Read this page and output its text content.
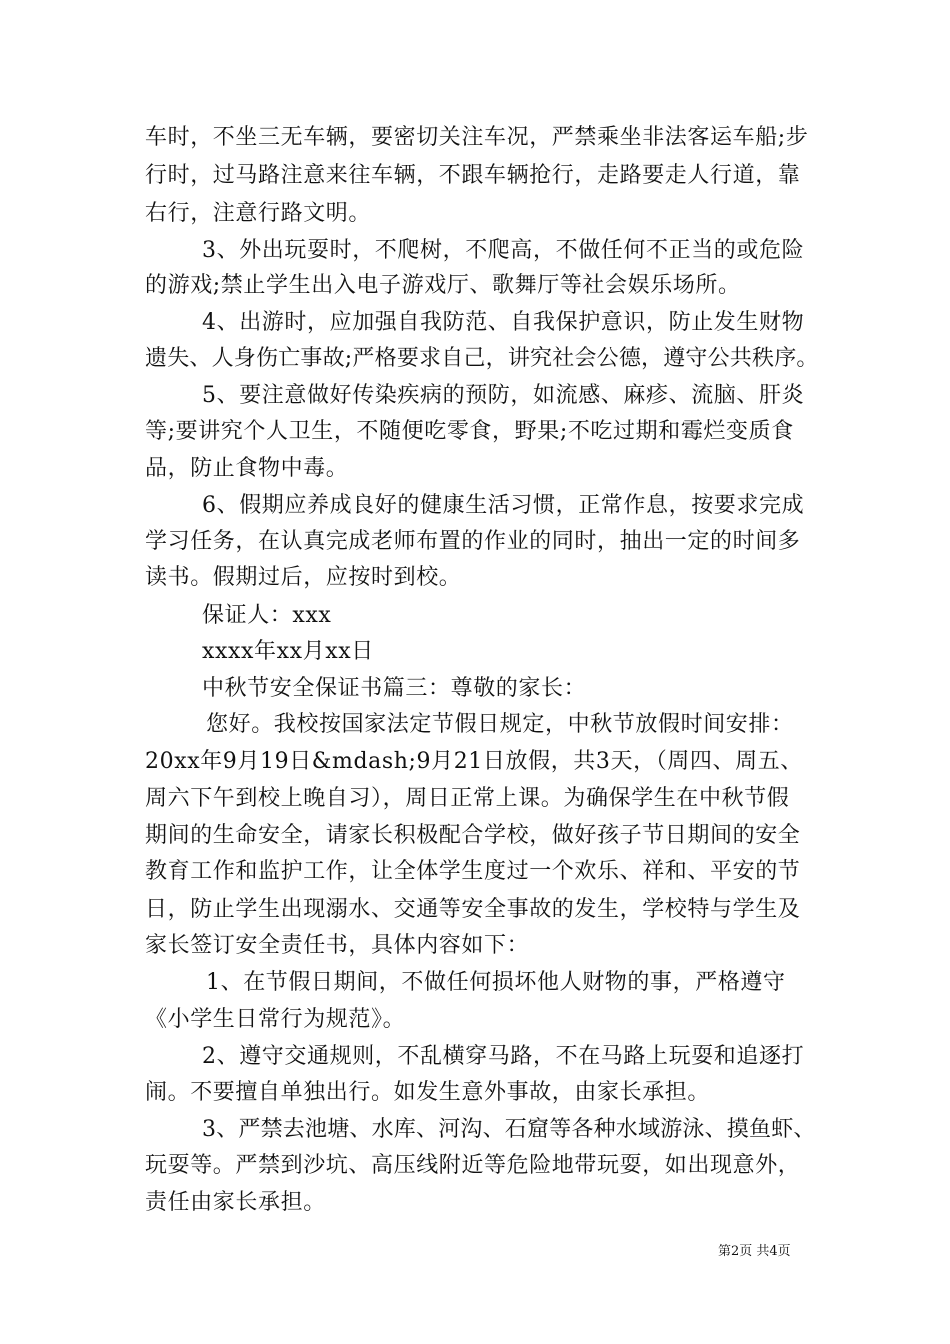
车时，不坐三无车辆，要密切关注车况，严禁乘坐非法客运车船;步
行时，过马路注意来往车辆，不跟车辆抢行，走路要走人行道，靠
右行，注意行路文明。
3、外出玩耍时，不爬树，不爬高，不做任何不正当的或危险
的游戏;禁止学生出入电子游戏厅、歌舞厅等社会娱乐场所。
4、出游时，应加强自我防范、自我保护意识，防止发生财物
遗失、人身伤亡事故;严格要求自己，讲究社会公德，遵守公共秩序。
5、要注意做好传染疾病的预防，如流感、麻疹、流脑、肝炎
等;要讲究个人卫生，不随便吃零食，野果;不吃过期和霉烂变质食
品，防止食物中毒。
6、假期应养成良好的健康生活习惯，正常作息，按要求完成
学习任务，在认真完成老师布置的作业的同时，抽出一定的时间多
读书。假期过后，应按时到校。
保证人：xxx
xxxx年xx月xx日
中秋节安全保证书篇三：尊敬的家长：
您好。我校按国家法定节假日规定，中秋节放假时间安排：
20xx年9月19日&mdash;9月21日放假，共3天，（周四、周五、
周六下午到校上晚自习），周日正常上课。为确保学生在中秋节假
期间的生命安全，请家长积极配合学校，做好孩子节日期间的安全
教育工作和监护工作，让全体学生度过一个欢乐、祥和、平安的节
日，防止学生出现溺水、交通等安全事故的发生，学校特与学生及
家长签订安全责任书，具体内容如下：
1、在节假日期间，不做任何损坏他人财物的事，严格遵守
《小学生日常行为规范》。
2、遵守交通规则，不乱横穿马路，不在马路上玩耍和追逐打
闹。不要擅自单独出行。如发生意外事故，由家长承担。
3、严禁去池塘、水库、河沟、石窟等各种水域游泳、摸鱼虾、
玩耍等。严禁到沙坑、高压线附近等危险地带玩耍，如出现意外，
责任由家长承担。
第2页 共4页
